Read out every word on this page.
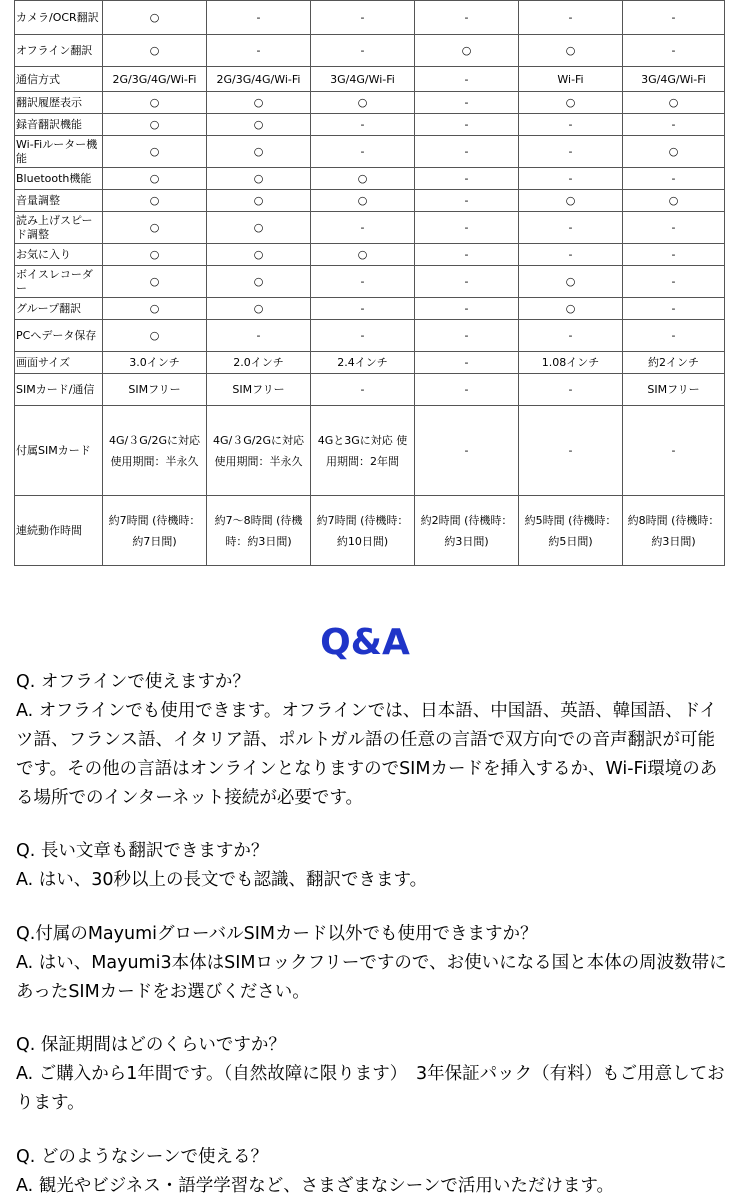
カメラ/OCR翻訳	○	-	-	-	-	-
オフライン翻訳	○	-	-	○	○	-
通信方式	2G/3G/4G/Wi-Fi	2G/3G/4G/Wi-Fi	3G/4G/Wi-Fi	-	Wi-Fi	3G/4G/Wi-Fi
翻訳履歴表示	○	○	○	-	○	○
録音翻訳機能	○	○	-	-	-	-
Wi-Fiルーター機能	○	○	-	-	-	○
Bluetooth機能	○	○	○	-	-	-
音量調整	○	○	○	-	○	○
読み上げスピード調整	○	○	-	-	-	-
お気に入り	○	○	○	-	-	-
ボイスレコーダー	○	○	-	-	○	-
グループ翻訳	○	○	-	-	○	-
PCへデータ保存	○	-	-	-	-	-
画面サイズ	3.0インチ	2.0インチ	2.4インチ	-	1.08インチ	約2インチ
SIMカード/通信	SIMフリー	SIMフリー	-	-	-	SIMフリー
付属SIMカード	4G/３G/2Gに対応 使用期間：半永久	4G/３G/2Gに対応 使用期間：半永久	4Gと3Gに対応 使用期間：2年間	-	-	-
連続動作時間	約7時間 (待機時：約7日間)	約7～8時間 (待機時：約3日間)	約7時間 (待機時：約10日間)	約2時間 (待機時：約3日間)	約5時間 (待機時：約5日間)	約8時間 (待機時：約3日間)
Q&A

Q. オフラインで使えますか？

A. オフラインでも使用できます。オフラインでは、日本語、中国語、英語、韓国語、ドイツ語、フランス語、イタリア語、ポルトガル語の任意の言語で双方向での音声翻訳が可能です。その他の言語はオンラインとなりますのでSIMカードを挿入するか、Wi-Fi環境のある場所でのインターネット接続が必要です。

Q. 長い文章も翻訳できますか？

A. はい、30秒以上の長文でも認識、翻訳できます。

Q.付属のMayumiグローバルSIMカード以外でも使用できますか？

A. はい、Mayumi3本体はSIMロックフリーですので、お使いになる国と本体の周波数帯にあったSIMカードをお選びください。

Q. 保証期間はどのくらいですか？

A. ご購入から1年間です。（自然故障に限ります）　3年保証パック（有料）もご用意しております。

Q. どのようなシーンで使える？

A. 観光やビジネス・語学学習など、さまざまなシーンで活用いただけます。
